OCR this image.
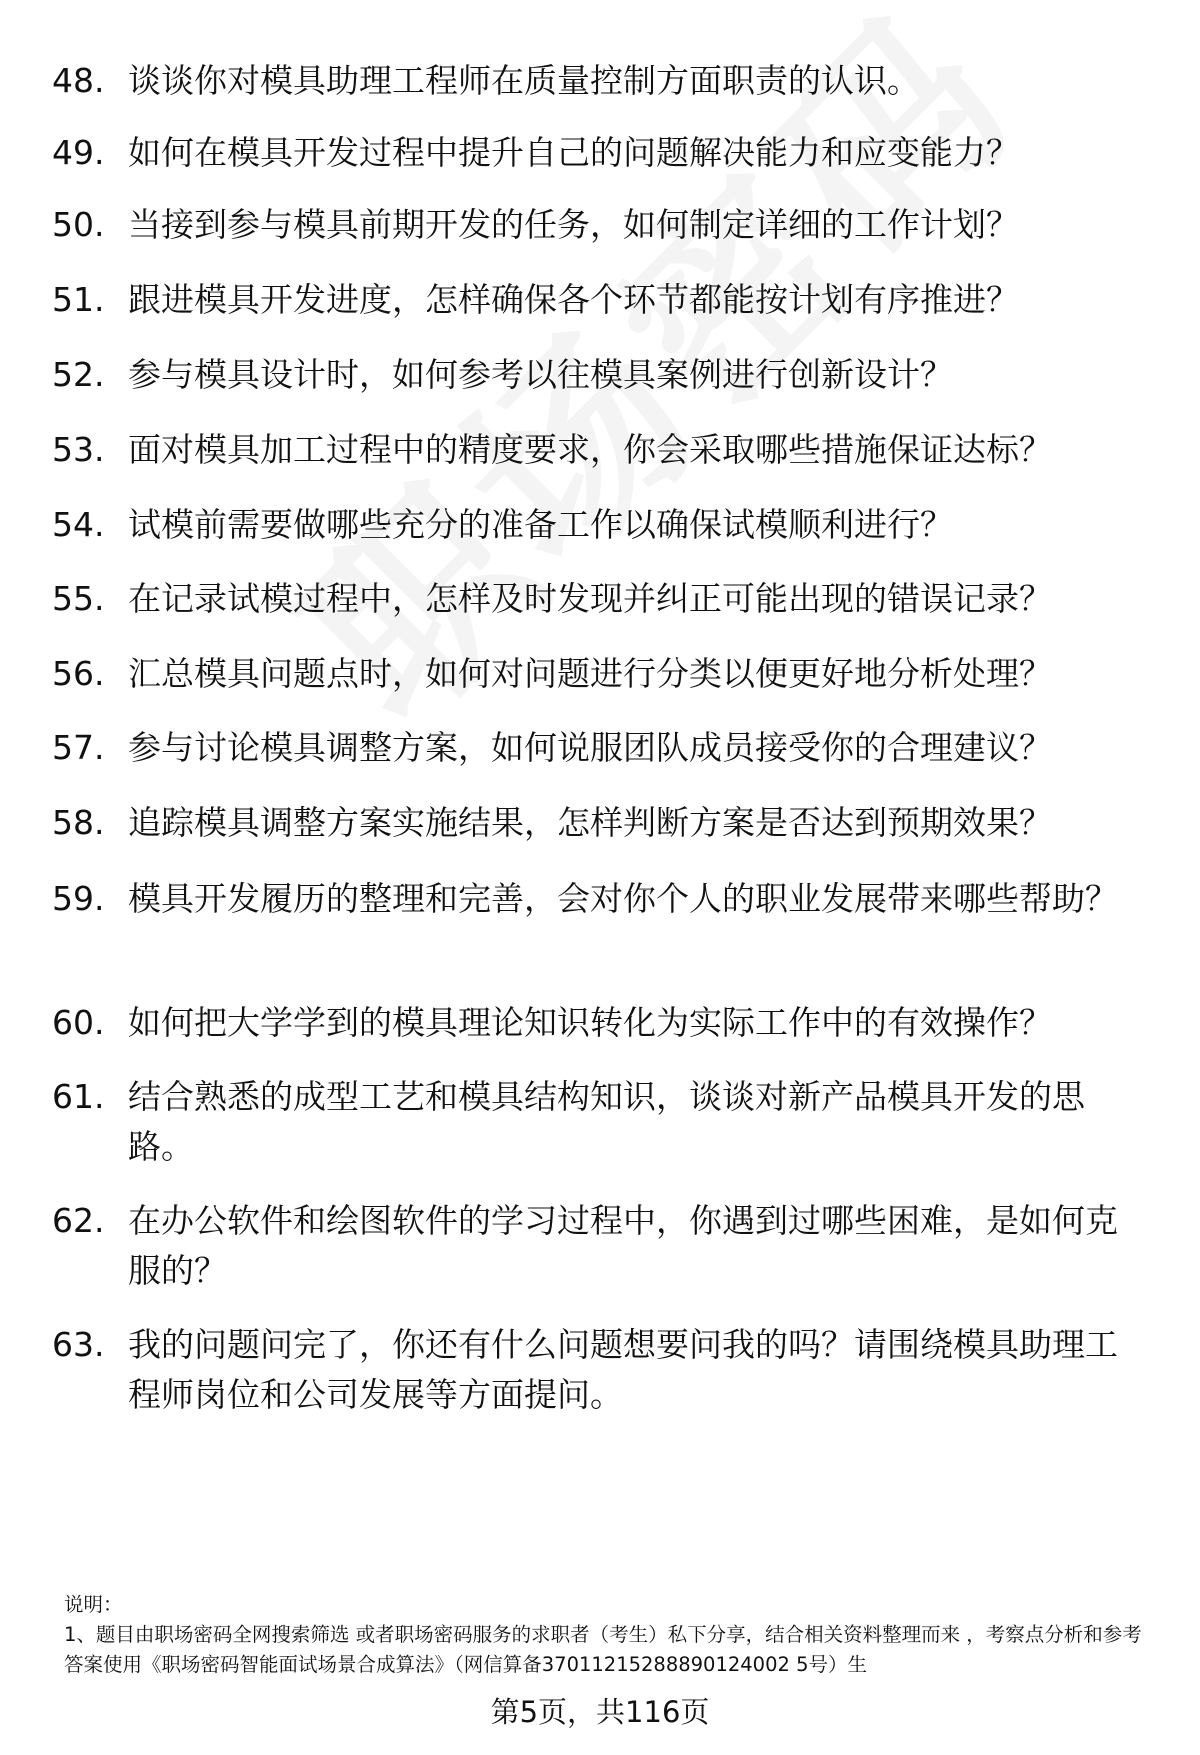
48. 谈谈你对模具助理工程师在质量控制方面职责的认识。
49. 如何在模具开发过程中提升自己的问题解决能力和应变能力？
50. 当接到参与模具前期开发的任务，如何制定详细的工作计划？
51. 跟进模具开发进度，怎样确保各个环节都能按计划有序推进？
52. 参与模具设计时，如何参考以往模具案例进行创新设计？
53. 面对模具加工过程中的精度要求，你会采取哪些措施保证达标？
54. 试模前需要做哪些充分的准备工作以确保试模顺利进行？
55. 在记录试模过程中，怎样及时发现并纠正可能出现的错误记录？
56. 汇总模具问题点时，如何对问题进行分类以便更好地分析处理？
57. 参与讨论模具调整方案，如何说服团队成员接受你的合理建议？
58. 追踪模具调整方案实施结果，怎样判断方案是否达到预期效果？
59. 模具开发履历的整理和完善，会对你个人的职业发展带来哪些帮助？
60. 如何把大学学到的模具理论知识转化为实际工作中的有效操作？
61. 结合熟悉的成型工艺和模具结构知识，谈谈对新产品模具开发的思路。
62. 在办公软件和绘图软件的学习过程中，你遇到过哪些困难，是如何克服的？
63. 我的问题问完了，你还有什么问题想要问我的吗？请围绕模具助理工程师岗位和公司发展等方面提问。

说明：

1、题目由职场密码全网搜索筛选 或者职场密码服务的求职者（考生）私下分享，结合相关资料整理而来 ，考察点分析和参考答案使用《职场密码智能面试场景合成算法》（网信算备37011215288890124002 5号）生

第5页，共116页
